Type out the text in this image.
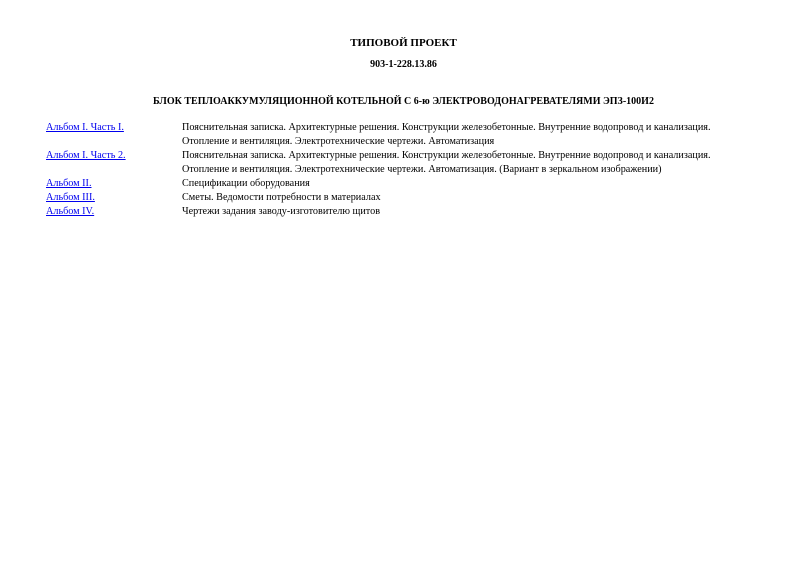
ТИПОВОЙ ПРОЕКТ
903-1-228.13.86
БЛОК ТЕПЛОАККУМУЛЯЦИОННОЙ КОТЕЛЬНОЙ С 6-ю ЭЛЕКТРОВОДОНАГРЕВАТЕЛЯМИ ЭПЗ-100И2
Альбом I. Часть I.	Пояснительная записка. Архитектурные решения. Конструкции железобетонные. Внутренние водопровод и канализация.
Отопление и вентиляция. Электротехнические чертежи. Автоматизация
Альбом I. Часть 2.	Пояснительная записка. Архитектурные решения. Конструкции железобетонные. Внутренние водопровод и канализация.
Отопление и вентиляция. Электротехнические чертежи. Автоматизация. (Вариант в зеркальном изображении)
Альбом II.	Спецификации оборудования
Альбом III.	Сметы. Ведомости потребности в материалах
Альбом IV.	Чертежи задания заводу-изготовителю щитов
